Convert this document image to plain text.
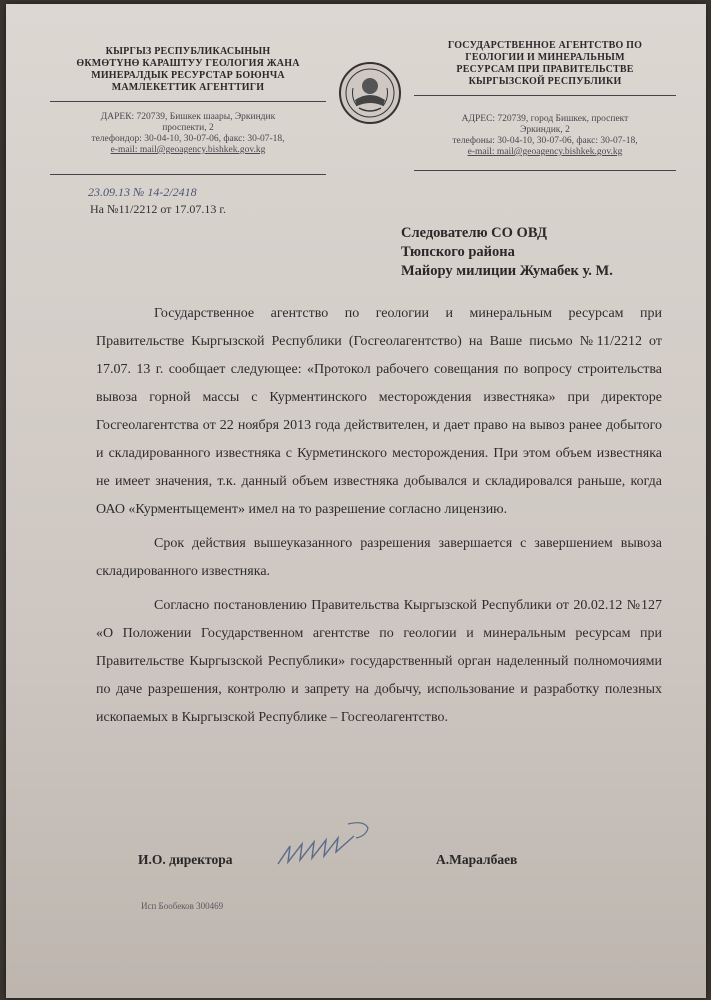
КЫРГЫЗ РЕСПУБЛИКАСЫНЫН
ӨКМӨТҮНӨ КАРАШТУУ ГЕОЛОГИЯ ЖАНА
МИНЕРАЛДЫК РЕСУРСТАР БОЮНЧА
МАМЛЕКЕТТИК АГЕНТТИГИ
ДАРЕК: 720739, Бишкек шаары, Эркиндик
проспекти, 2
телефондор: 30-04-10, 30-07-06, факс: 30-07-18,
e-mail: mail@geoagency.bishkek.gov.kg
ГОСУДАРСТВЕННОЕ АГЕНТСТВО ПО
ГЕОЛОГИИ И МИНЕРАЛЬНЫМ
РЕСУРСАМ ПРИ ПРАВИТЕЛЬСТВЕ
КЫРГЫЗСКОЙ РЕСПУБЛИКИ
АДРЕС: 720739, город Бишкек, проспект
Эркиндик, 2
телефоны: 30-04-10, 30-07-06, факс: 30-07-18,
e-mail: mail@geoagency.bishkek.gov.kg
23.09.13 № 14-2/2418
На №11/2212 от 17.07.13 г.
Следователю СО ОВД
Тюпского района
Майору милиции Жумабек у. М.

Государственное агентство по геологии и минеральным ресурсам при Правительстве Кыргызской Республики (Госгеолагентство) на Ваше письмо №11/2212 от 17.07. 13 г. сообщает следующее: «Протокол рабочего совещания по вопросу строительства вывоза горной массы с Курментинского месторождения известняка» при директоре Госгеолагентства от 22 ноября 2013 года действителен, и дает право на вывоз ранее добытого и складированного известняка с Курметинского месторождения. При этом объем известняка не имеет значения, т.к. данный объем известняка добывался и складировался раньше, когда ОАО «Курментыцемент» имел на то разрешение согласно лицензию.

Срок действия вышеуказанного разрешения завершается с завершением вывоза складированного известняка.

Согласно постановлению Правительства Кыргызской Республики от 20.02.12 №127 «О Положении Государственном агентстве по геологии и минеральным ресурсам при Правительстве Кыргызской Республики» государственный орган наделенный полномочиями по даче разрешения, контролю и запрету на добычу, использование и разработку полезных ископаемых в Кыргызской Республике – Госгеолагентство.

И.О. директора	А.Маралбаев
Исп Бообеков 300469
